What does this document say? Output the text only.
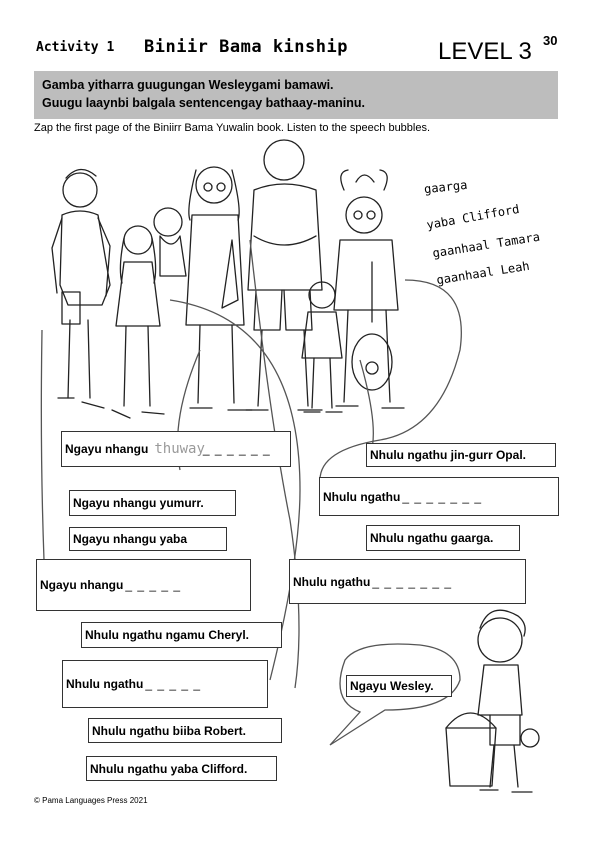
Activity 1 Biniir Bama kinship	LEVEL 3 30
Gamba yitharra guugungan Wesleygami bamawi.
Guugu laaynbi balgala sentencengay bathaay-maninu.
Zap the first page of the Biniirr Bama Yuwalin book. Listen to the speech bubbles.
gaarga
yaba Clifford
gaanhaal Tamara
gaanhaal Leah
Ngayu nhangu thuway
_ _ _ _ _ _
Ngayu nhangu yumurr.
Ngayu nhangu yaba
Ngayu nhangu _ _ _ _ _
Nhulu ngathu ngamu Cheryl.
Nhulu ngathu _ _ _ _ _
Nhulu ngathu biiba Robert.
Nhulu ngathu yaba Clifford.
Nhulu ngathu jin-gurr Opal.
Nhulu ngathu _ _ _ _ _ _ _
Nhulu ngathu gaarga.
Nhulu ngathu _ _ _ _ _ _ _
Ngayu Wesley.
© Pama Languages Press 2021
